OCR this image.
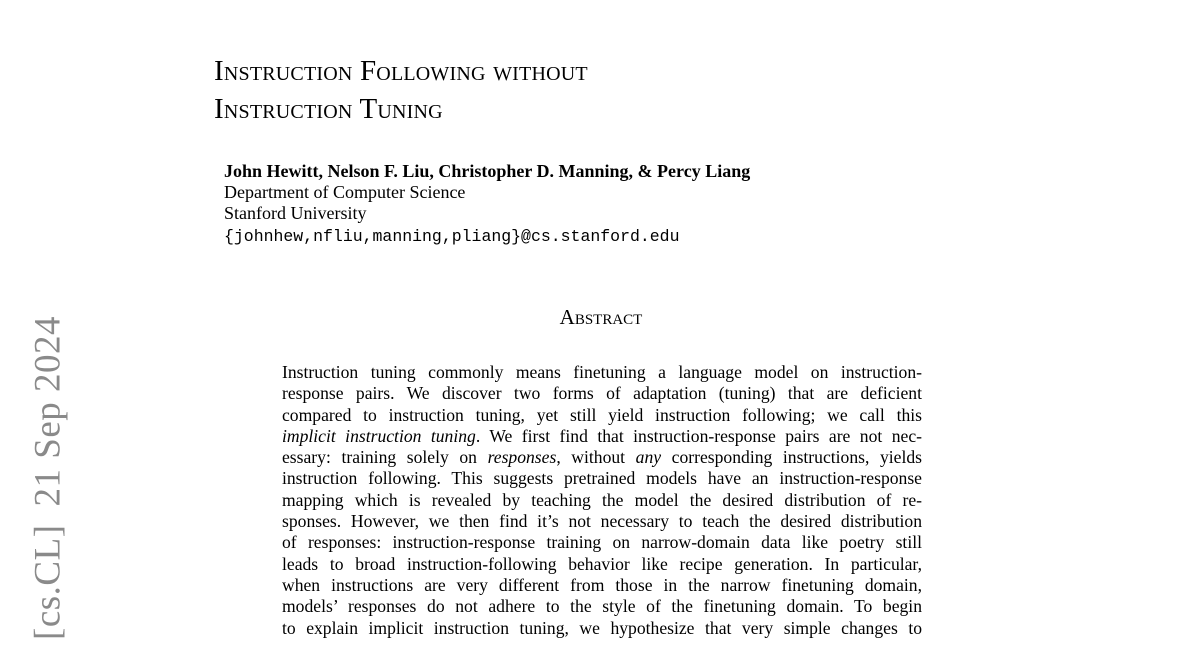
Instruction Following without
Instruction Tuning
John Hewitt, Nelson F. Liu, Christopher D. Manning, & Percy Liang
Department of Computer Science
Stanford University
{johnhew,nfliu,manning,pliang}@cs.stanford.edu
Abstract
Instruction tuning commonly means finetuning a language model on instruction-
response pairs. We discover two forms of adaptation (tuning) that are deficient
compared to instruction tuning, yet still yield instruction following; we call this
implicit instruction tuning. We first find that instruction-response pairs are not nec-
essary: training solely on responses, without any corresponding instructions, yields
instruction following. This suggests pretrained models have an instruction-response
mapping which is revealed by teaching the model the desired distribution of re-
sponses. However, we then find it’s not necessary to teach the desired distribution
of responses: instruction-response training on narrow-domain data like poetry still
leads to broad instruction-following behavior like recipe generation. In particular,
when instructions are very different from those in the narrow finetuning domain,
models’ responses do not adhere to the style of the finetuning domain. To begin
to explain implicit instruction tuning, we hypothesize that very simple changes to
[cs.CL]21 Sep 2024
